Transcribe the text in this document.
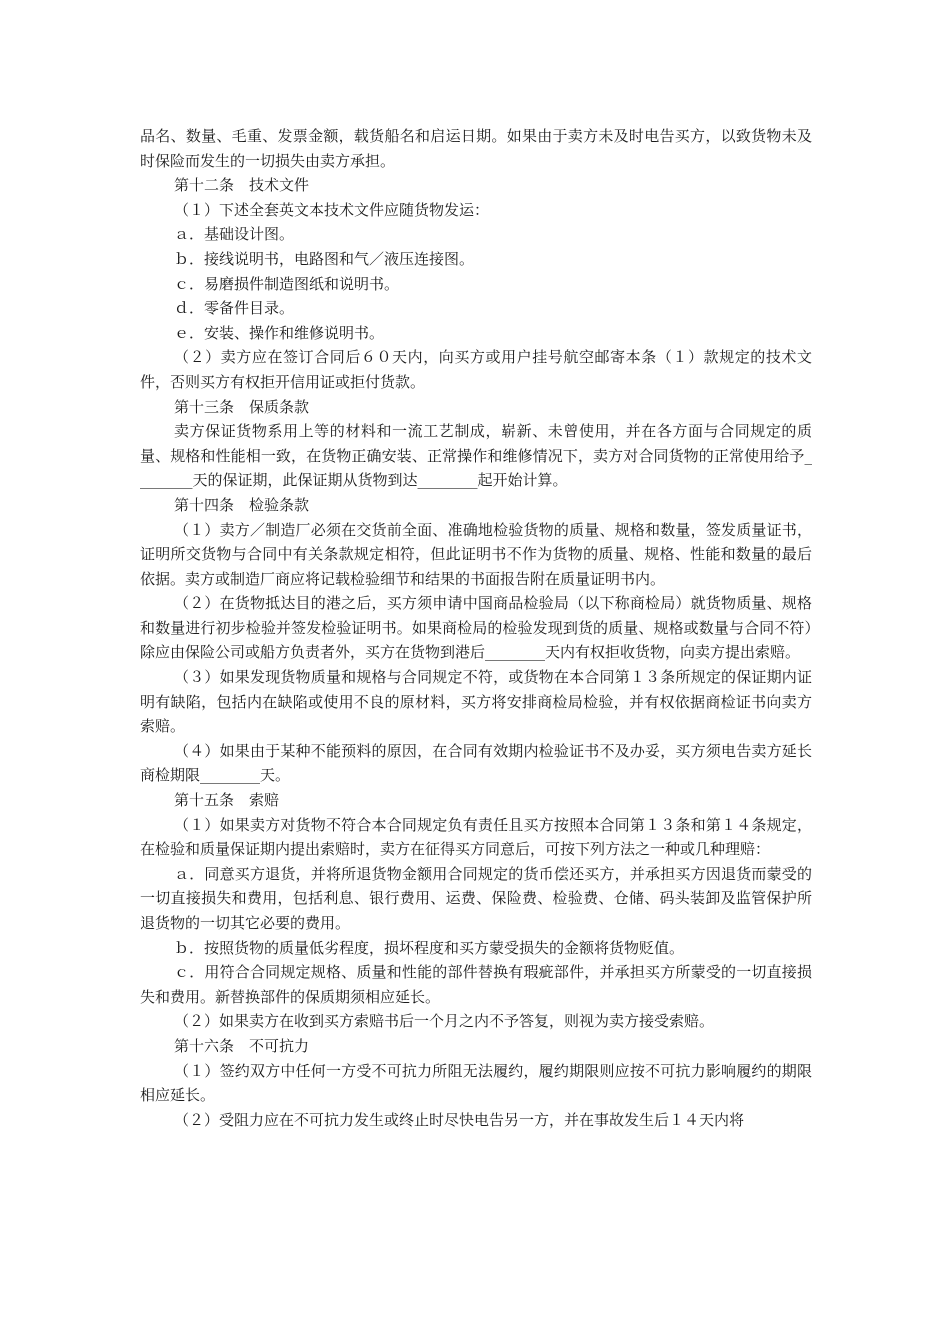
品名、数量、毛重、发票金额，载货船名和启运日期。如果由于卖方未及时电告买方，以致货物未及时保险而发生的一切损失由卖方承担。

第十二条　技术文件

（１）下述全套英文本技术文件应随货物发运：

ａ．基础设计图。

ｂ．接线说明书，电路图和气／液压连接图。

ｃ．易磨损件制造图纸和说明书。

ｄ．零备件目录。

ｅ．安装、操作和维修说明书。

（２）卖方应在签订合同后６０天内，向买方或用户挂号航空邮寄本条（１）款规定的技术文件，否则买方有权拒开信用证或拒付货款。

第十三条　保质条款

卖方保证货物系用上等的材料和一流工艺制成，崭新、未曾使用，并在各方面与合同规定的质量、规格和性能相一致，在货物正确安装、正常操作和维修情况下，卖方对合同货物的正常使用给予________天的保证期，此保证期从货物到达________起开始计算。

第十四条　检验条款

（１）卖方／制造厂必须在交货前全面、准确地检验货物的质量、规格和数量，签发质量证书，证明所交货物与合同中有关条款规定相符，但此证明书不作为货物的质量、规格、性能和数量的最后依据。卖方或制造厂商应将记载检验细节和结果的书面报告附在质量证明书内。

（２）在货物抵达目的港之后，买方须申请中国商品检验局（以下称商检局）就货物质量、规格和数量进行初步检验并签发检验证明书。如果商检局的检验发现到货的质量、规格或数量与合同不符）除应由保险公司或船方负责者外，买方在货物到港后________天内有权拒收货物，向卖方提出索赔。

（３）如果发现货物质量和规格与合同规定不符，或货物在本合同第１３条所规定的保证期内证明有缺陷，包括内在缺陷或使用不良的原材料，买方将安排商检局检验，并有权依据商检证书向卖方索赔。

（４）如果由于某种不能预料的原因，在合同有效期内检验证书不及办妥，买方须电告卖方延长商检期限________天。

第十五条　索赔

（１）如果卖方对货物不符合本合同规定负有责任且买方按照本合同第１３条和第１４条规定，在检验和质量保证期内提出索赔时，卖方在征得买方同意后，可按下列方法之一种或几种理赔：

ａ．同意买方退货，并将所退货物金额用合同规定的货币偿还买方，并承担买方因退货而蒙受的一切直接损失和费用，包括利息、银行费用、运费、保险费、检验费、仓储、码头装卸及监管保护所退货物的一切其它必要的费用。

ｂ．按照货物的质量低劣程度，损坏程度和买方蒙受损失的金额将货物贬值。

ｃ．用符合合同规定规格、质量和性能的部件替换有瑕疵部件，并承担买方所蒙受的一切直接损失和费用。新替换部件的保质期须相应延长。

（２）如果卖方在收到买方索赔书后一个月之内不予答复，则视为卖方接受索赔。

第十六条　不可抗力

（１）签约双方中任何一方受不可抗力所阻无法履约，履约期限则应按不可抗力影响履约的期限相应延长。

（２）受阻力应在不可抗力发生或终止时尽快电告另一方，并在事故发生后１４天内将
